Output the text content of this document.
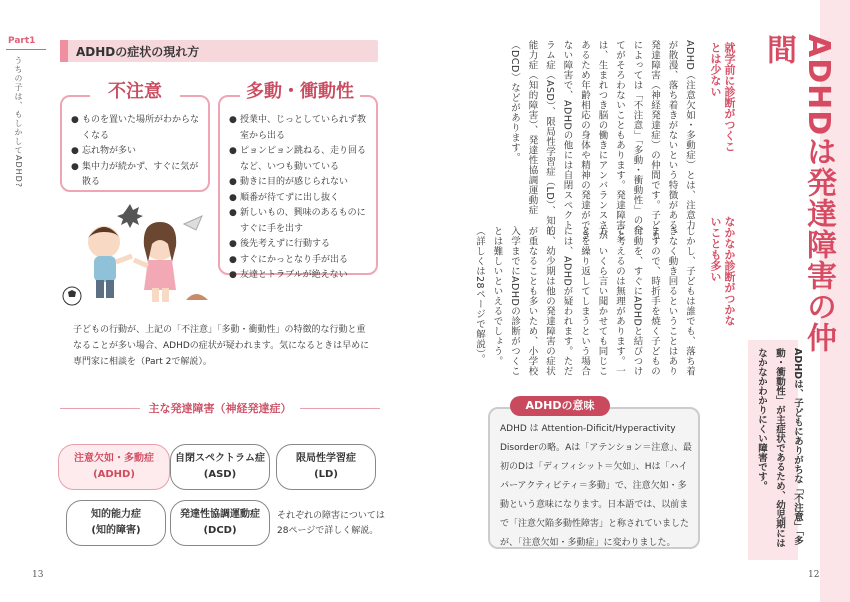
Part1
うちの子は、もしかしてADHD?
ADHDの症状の現れ方
● ものを置いた場所がわからなくなる
● 忘れ物が多い
● 集中力が続かず、すぐに気が散る
不注意
● 授業中、じっとしていられず教室から出る
● ピョンピョン跳ねる、走り回るなど、いつも動いている
● 動きに目的が感じられない
● 順番が待てずに出し抜く
● 新しいもの、興味のあるものにすぐに手を出す
● 後先考えずに行動する
● すぐにかっとなり手が出る
● 友達とトラブルが絶えない
多動・衝動性
子どもの行動が、上記の「不注意」「多動・衝動性」の特徴的な行動と重なることが多い場合、ADHDの症状が疑われます。気になるときは早めに専門家に相談を（Part 2で解説）。
主な発達障害（神経発達症）
注意欠如・多動症
(ADHD)
自閉スペクトラム症
(ASD)
限局性学習症
(LD)
知的能力症
(知的障害)
発達性協調運動症
(DCD)
それぞれの障害については28ページで詳しく解説。
13
ADHDは発達障害の仲間
ADHDは、子どもにありがちな「不注意」「多動・衝動性」が主症状であるため、幼児期にはなかなかわかりにくい障害です。
就学前に診断がつくことは少ない
ADHD（注意欠如・多動症）とは、注意力が散漫、落ち着きがないという特徴がある、発達障害（神経発達症）の仲間です。子どもによっては「不注意」「多動・衝動性」の全てがそろわないこともあります。発達障害とは、生まれつき脳の働きにアンバランスさがあるため年齢相応の身体や精神の発達ができない障害で、ADHDの他には自閉スペクトラム症（ASD）、限局性学習症（LD）、知的能力症（知的障害）、発達性協調運動症（DCD）などがあります。
なかなか診断がつかないことも多い
しかし、子どもは誰でも、落ち着きなく動き回るということはありますので、時折手を焼く子どもの行動を、すぐにADHDと結びつけて考えるのは無理があります。一方、いくら言い聞かせても同じことを繰り返してしまうという場合には、ADHDが疑われます。ただし、幼少期は他の発達障害の症状が重なることも多いため、小学校入学までにADHDの診断がつくことは難しいといえるでしょう。（詳しくは28ページで解説）。
ADHDの意味
ADHD は Attention-Dificit/Hyperactivity Disorderの略。Aは「アテンション＝注意」、最初のDは「ディフィシット＝欠如」、Hは「ハイパーアクティビティ＝多動」で、注意欠如・多動という意味になります。日本語では、以前まで「注意欠陥多動性障害」と称されていましたが、「注意欠如・多動症」に変わりました。
12
